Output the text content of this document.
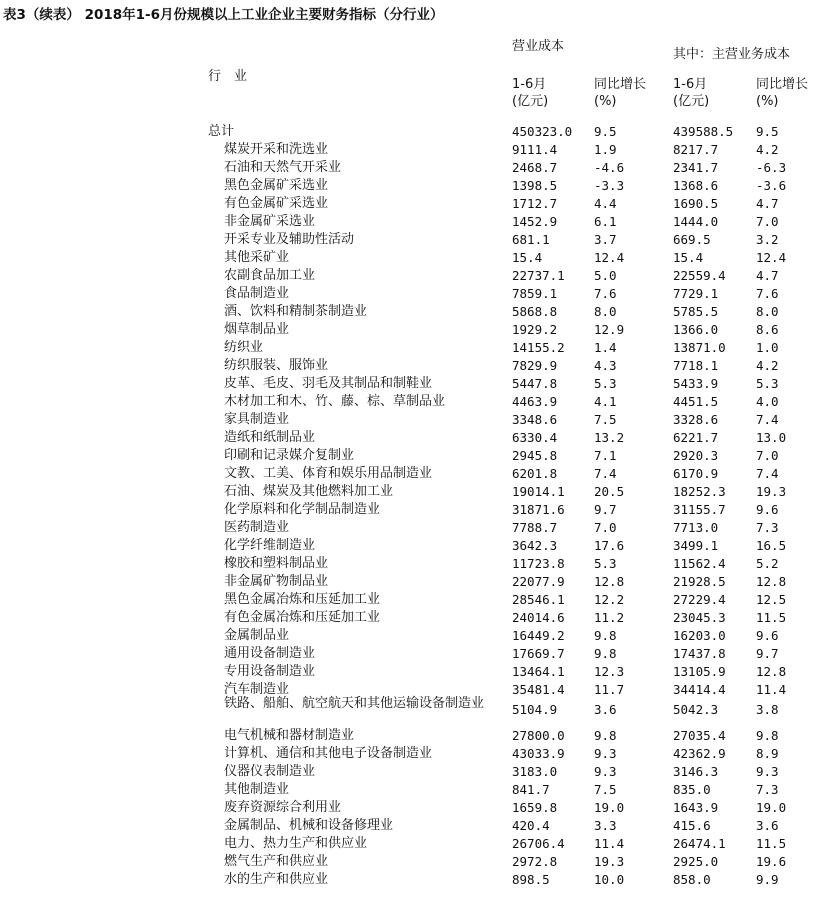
表3（续表） 2018年1-6月份规模以上工业企业主要财务指标（分行业）
营业成本
其中：主营业务成本
行　业
1-6月
(亿元)
同比增长
(%)
1-6月
(亿元)
同比增长
(%)
总计	450323.0 9.5	439588.5 9.5
煤炭开采和洗选业	9111.4	1.9	8217.7	4.2
石油和天然气开采业	2468.7	-4.6	2341.7	-6.3
黑色金属矿采选业	1398.5	-3.3	1368.6	-3.6
有色金属矿采选业	1712.7	4.4	1690.5	4.7
非金属矿采选业	1452.9	6.1	1444.0	7.0
开采专业及辅助性活动	681.1	3.7	669.5	3.2
其他采矿业	15.4	12.4	15.4	12.4
农副食品加工业	22737.1 5.0	22559.4 4.7
食品制造业	7859.1	7.6	7729.1	7.6
酒、饮料和精制茶制造业	5868.8	8.0	5785.5	8.0
烟草制品业	1929.2	12.9	1366.0	8.6
纺织业	14155.2 1.4	13871.0 1.0
纺织服装、服饰业	7829.9	4.3	7718.1	4.2
皮革、毛皮、羽毛及其制品和制鞋业	5447.8	5.3	5433.9	5.3
木材加工和木、竹、藤、棕、草制品业	4463.9	4.1	4451.5	4.0
家具制造业	3348.6	7.5	3328.6	7.4
造纸和纸制品业	6330.4	13.2	6221.7	13.0
印刷和记录媒介复制业	2945.8	7.1	2920.3	7.0
文教、工美、体育和娱乐用品制造业	6201.8	7.4	6170.9	7.4
石油、煤炭及其他燃料加工业	19014.1 20.5	18252.3 19.3
化学原料和化学制品制造业	31871.6 9.7	31155.7 9.6
医药制造业	7788.7	7.0	7713.0	7.3
化学纤维制造业	3642.3	17.6	3499.1	16.5
橡胶和塑料制品业	11723.8 5.3	11562.4 5.2
非金属矿物制品业	22077.9 12.8	21928.5 12.8
黑色金属冶炼和压延加工业	28546.1 12.2	27229.4 12.5
有色金属冶炼和压延加工业	24014.6 11.2	23045.3 11.5
金属制品业	16449.2 9.8	16203.0 9.6
通用设备制造业	17669.7 9.8	17437.8 9.7
专用设备制造业	13464.1 12.3	13105.9 12.8
汽车制造业	35481.4 11.7	34414.4 11.4
铁路、船舶、航空航天和其他运输设备制造业	5104.9	3.6	5042.3	3.8
电气机械和器材制造业	27800.0 9.8	27035.4 9.8
计算机、通信和其他电子设备制造业	43033.9 9.3	42362.9 8.9
仪器仪表制造业	3183.0	9.3	3146.3	9.3
其他制造业	841.7	7.5	835.0	7.3
废弃资源综合利用业	1659.8	19.0	1643.9	19.0
金属制品、机械和设备修理业	420.4	3.3	415.6	3.6
电力、热力生产和供应业	26706.4 11.4	26474.1 11.5
燃气生产和供应业	2972.8	19.3	2925.0	19.6
水的生产和供应业	898.5	10.0	858.0	9.9
